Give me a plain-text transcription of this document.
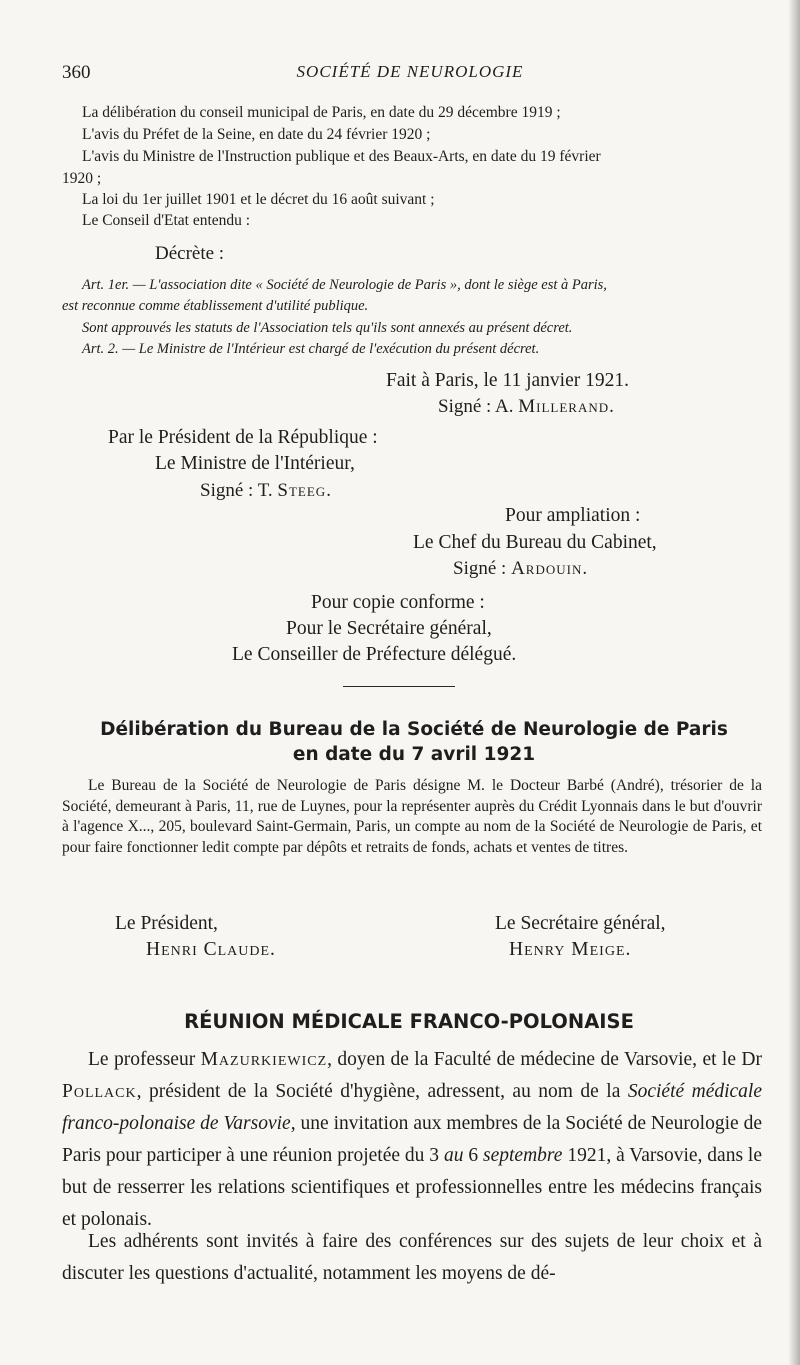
360	SOCIÉTÉ DE NEUROLOGIE
La délibération du conseil municipal de Paris, en date du 29 décembre 1919 ;
L'avis du Préfet de la Seine, en date du 24 février 1920 ;
L'avis du Ministre de l'Instruction publique et des Beaux-Arts, en date du 19 février
1920 ;
La loi du 1er juillet 1901 et le décret du 16 août suivant ;
Le Conseil d'Etat entendu :
Décrète :
Art. 1er. — L'association dite « Société de Neurologie de Paris », dont le siège est à Paris,
est reconnue comme établissement d'utilité publique.
Sont approuvés les statuts de l'Association tels qu'ils sont annexés au présent décret.
Art. 2. — Le Ministre de l'Intérieur est chargé de l'exécution du présent décret.
Fait à Paris, le 11 janvier 1921.
Signé : A. Millerand.
Par le Président de la République :
Le Ministre de l'Intérieur,
Signé : T. Steeg.
Pour ampliation :
Le Chef du Bureau du Cabinet,
Signé : Ardouin.
Pour copie conforme :
Pour le Secrétaire général,
Le Conseiller de Préfecture délégué.
Délibération du Bureau de la Société de Neurologie de Paris
en date du 7 avril 1921
Le Bureau de la Société de Neurologie de Paris désigne M. le Docteur Barbé (André), trésorier de la Société, demeurant à Paris, 11, rue de Luynes, pour la représenter auprès du Crédit Lyonnais dans le but d'ouvrir à l'agence X..., 205, boulevard Saint-Germain, Paris, un compte au nom de la Société de Neurologie de Paris, et pour faire fonctionner ledit compte par dépôts et retraits de fonds, achats et ventes de titres.
Le Président,
Henri Claude.
Le Secrétaire général,
Henry Meige.
RÉUNION MÉDICALE FRANCO-POLONAISE
Le professeur Mazurkiewicz, doyen de la Faculté de médecine de Varsovie, et le Dr Pollack, président de la Société d'hygiène, adressent, au nom de la Société médicale franco-polonaise de Varsovie, une invitation aux membres de la Société de Neurologie de Paris pour participer à une réunion projetée du 3 au 6 septembre 1921, à Varsovie, dans le but de resserrer les relations scientifiques et professionnelles entre les médecins français et polonais.
Les adhérents sont invités à faire des conférences sur des sujets de leur choix et à discuter les questions d'actualité, notamment les moyens de dé-
